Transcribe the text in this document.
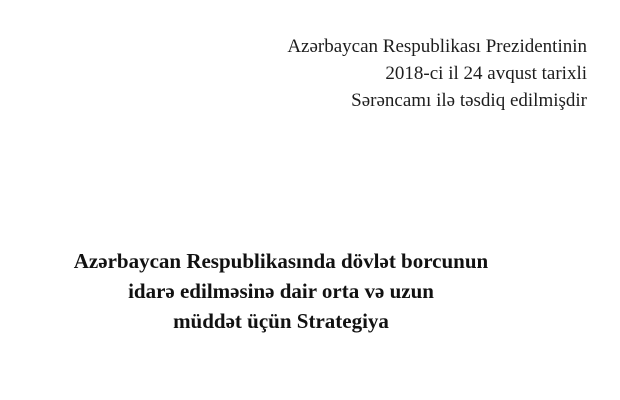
Azərbaycan Respublikası Prezidentinin
2018-ci il 24 avqust tarixli
Sərəncamı ilə təsdiq edilmişdir
Azərbaycan Respublikasında dövlət borcunun
idarə edilməsinə dair orta və uzun
müddət üçün Strategiya
